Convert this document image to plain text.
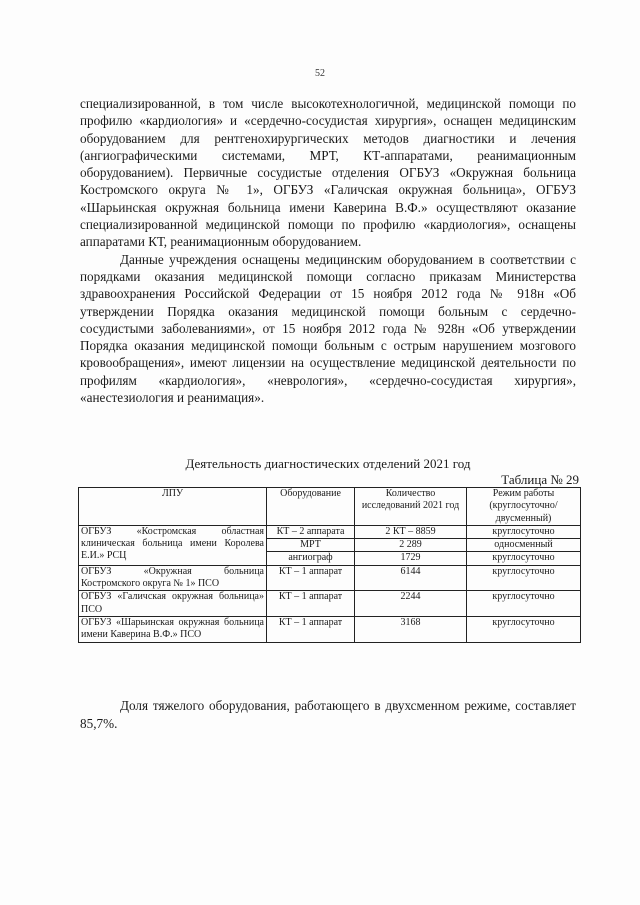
52

специализированной, в том числе высокотехнологичной, медицинской помощи по профилю «кардиология» и «сердечно-сосудистая хирургия», оснащен медицинским оборудованием для рентгенохирургических методов диагностики и лечения (ангиографическими системами, МРТ, КТ-аппаратами, реанимационным оборудованием). Первичные сосудистые отделения ОГБУЗ «Окружная больница Костромского округа № 1», ОГБУЗ «Галичская окружная больница», ОГБУЗ «Шарьинская окружная больница имени Каверина В.Ф.» осуществляют оказание специализированной медицинской помощи по профилю «кардиология», оснащены аппаратами КТ, реанимационным оборудованием.

Данные учреждения оснащены медицинским оборудованием в соответствии с порядками оказания медицинской помощи согласно приказам Министерства здравоохранения Российской Федерации от 15 ноября 2012 года № 918н «Об утверждении Порядка оказания медицинской помощи больным с сердечно-сосудистыми заболеваниями», от 15 ноября 2012 года № 928н «Об утверждении Порядка оказания медицинской помощи больным с острым нарушением мозгового кровообращения», имеют лицензии на осуществление медицинской деятельности по профилям «кардиология», «неврология», «сердечно-сосудистая хирургия», «анестезиология и реанимация».

Деятельность диагностических отделений 2021 год
Таблица № 29
ЛПУ	Оборудование	Количество исследований 2021 год	Режим работы (круглосуточно/ двусменный)
ОГБУЗ «Костромская областная клиническая больница имени Королева Е.И.» РСЦ	КТ – 2 аппарата	2 КТ – 8859	круглосуточно
	МРТ	2 289	односменный
	ангиограф	1729	круглосуточно
ОГБУЗ «Окружная больница Костромского округа № 1» ПСО	КТ – 1 аппарат	6144	круглосуточно
ОГБУЗ «Галичская окружная больница» ПСО	КТ – 1 аппарат	2244	круглосуточно
ОГБУЗ «Шарьинская окружная больница имени Каверина В.Ф.» ПСО	КТ – 1 аппарат	3168	круглосуточно

Доля тяжелого оборудования, работающего в двухсменном режиме, составляет 85,7%.
